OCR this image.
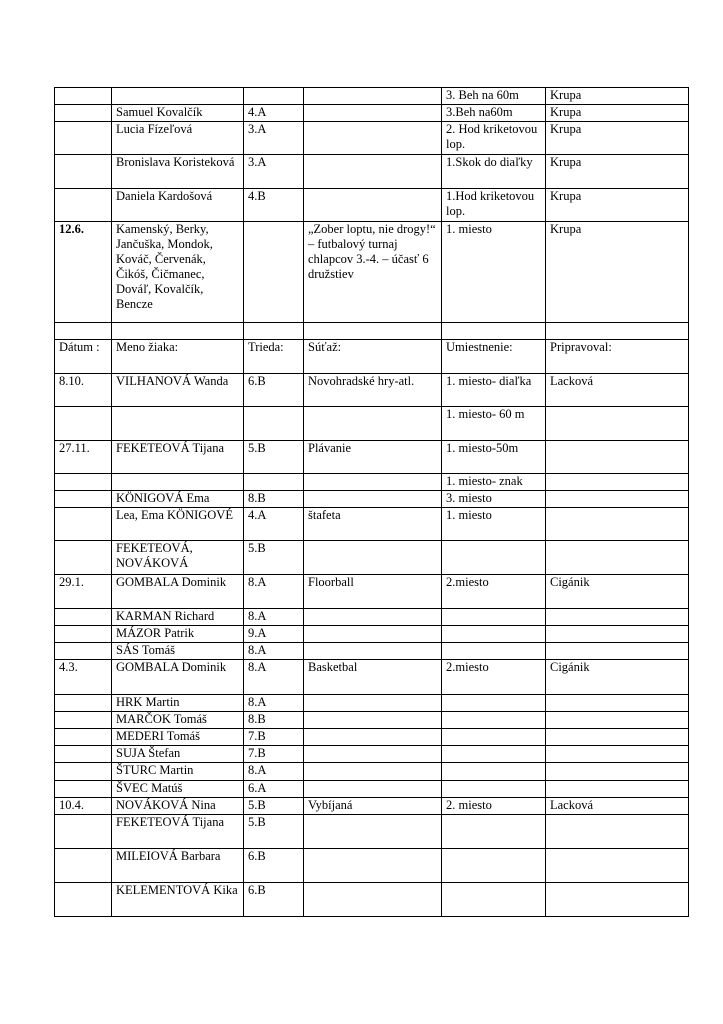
				3. Beh na 60m	Krupa
	Samuel Kovalčík	4.A		3.Beh na60m	Krupa
	Lucia Fízeľová	3.A		2. Hod kriketovou lop.	Krupa
	Bronislava Koristeková	3.A		1.Skok do diaľky	Krupa
	Daniela Kardošová	4.B		1.Hod kriketovou lop.	Krupa
12.6.	Kamenský, Berky, Jančuška, Mondok, Kováč, Červenák, Čikóš, Čičmanec, Dováľ, Kovalčík, Bencze		„Zober loptu, nie drogy!“ – futbalový turnaj chlapcov 3.-4. – účasť 6 družstiev	1. miesto	Krupa

Dátum :	Meno žiaka:	Trieda:	Súťaž:	Umiestnenie:	Pripravoval:
8.10.	VILHANOVÁ Wanda	6.B	Novohradské hry-atl.	1. miesto- diaľka	Lacková
				1. miesto- 60 m	
27.11.	FEKETEOVÁ Tijana	5.B	Plávanie	1. miesto-50m	
				1. miesto- znak	
	KÖNIGOVÁ Ema	8.B		3. miesto	
	Lea, Ema KÖNIGOVÉ	4.A	štafeta	1. miesto	
	FEKETEOVÁ, NOVÁKOVÁ	5.B			
29.1.	GOMBALA Dominik	8.A	Floorball	2.miesto	Cigánik
	KARMAN Richard	8.A			
	MÁZOR Patrik	9.A			
	SÁS Tomáš	8.A			
4.3.	GOMBALA Dominik	8.A	Basketbal	2.miesto	Cigánik
	HRK Martin	8.A			
	MARČOK Tomáš	8.B			
	MEDERI Tomáš	7.B			
	SUJA Štefan	7.B			
	ŠTURC Martin	8.A			
	ŠVEC Matúš	6.A			
10.4.	NOVÁKOVÁ Nina	5.B	Vybíjaná	2. miesto	Lacková
	FEKETEOVÁ Tijana	5.B			
	MILEIOVÁ Barbara	6.B			
	KELEMENTOVÁ Kika	6.B			
